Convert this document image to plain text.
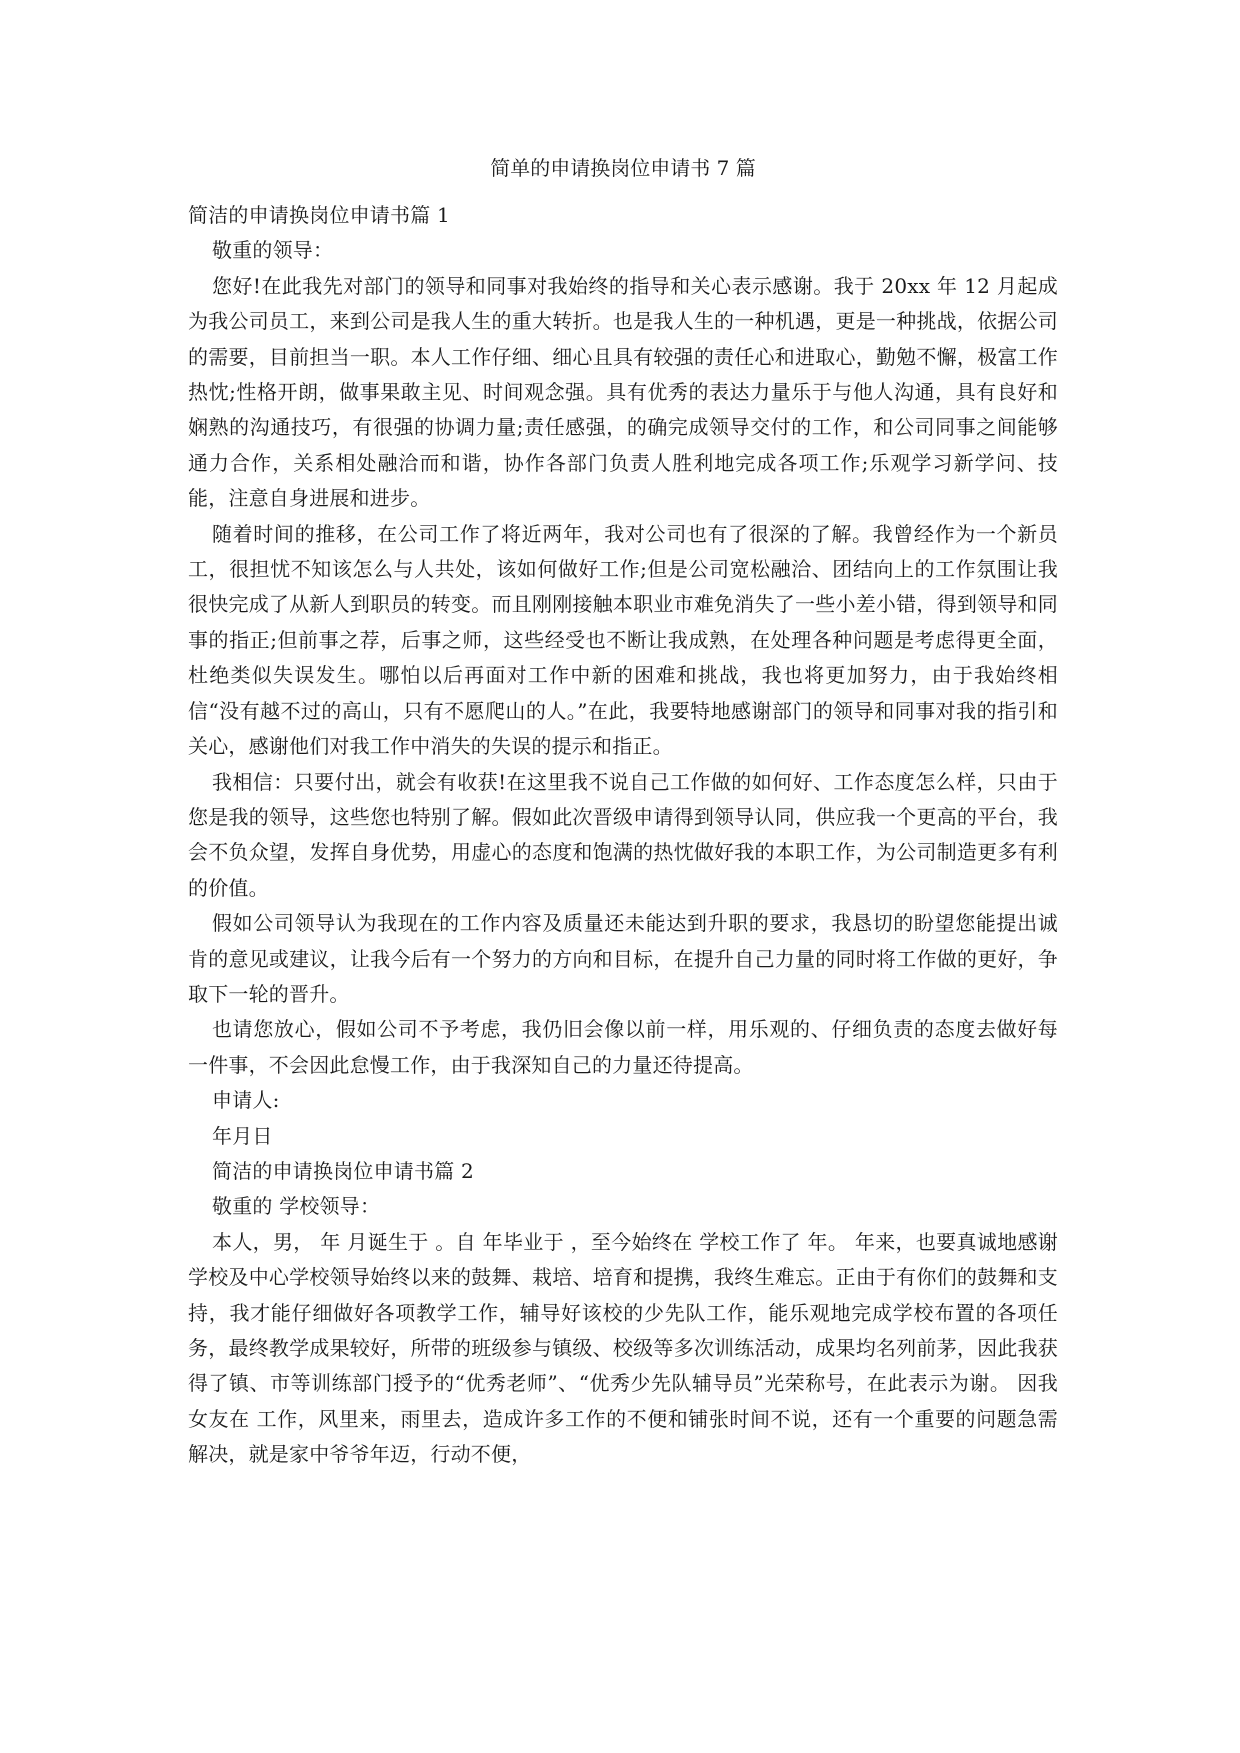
简单的申请换岗位申请书 7 篇

简洁的申请换岗位申请书篇 1

敬重的领导：

您好!在此我先对部门的领导和同事对我始终的指导和关心表示感谢。我于 20xx 年 12 月起成为我公司员工，来到公司是我人生的重大转折。也是我人生的一种机遇，更是一种挑战，依据公司的需要，目前担当一职。本人工作仔细、细心且具有较强的责任心和进取心，勤勉不懈，极富工作热忱;性格开朗，做事果敢主见、时间观念强。具有优秀的表达力量乐于与他人沟通，具有良好和娴熟的沟通技巧，有很强的协调力量;责任感强，的确完成领导交付的工作，和公司同事之间能够通力合作，关系相处融洽而和谐，协作各部门负责人胜利地完成各项工作;乐观学习新学问、技能，注意自身进展和进步。

随着时间的推移，在公司工作了将近两年，我对公司也有了很深的了解。我曾经作为一个新员工，很担忧不知该怎么与人共处，该如何做好工作;但是公司宽松融洽、团结向上的工作氛围让我很快完成了从新人到职员的转变。而且刚刚接触本职业市难免消失了一些小差小错，得到领导和同事的指正;但前事之荐，后事之师，这些经受也不断让我成熟，在处理各种问题是考虑得更全面，杜绝类似失误发生。哪怕以后再面对工作中新的困难和挑战，我也将更加努力，由于我始终相信“没有越不过的高山，只有不愿爬山的人。”在此，我要特地感谢部门的领导和同事对我的指引和关心，感谢他们对我工作中消失的失误的提示和指正。

我相信：只要付出，就会有收获!在这里我不说自己工作做的如何好、工作态度怎么样，只由于您是我的领导，这些您也特别了解。假如此次晋级申请得到领导认同，供应我一个更高的平台，我会不负众望，发挥自身优势，用虚心的态度和饱满的热忱做好我的本职工作，为公司制造更多有利的价值。

假如公司领导认为我现在的工作内容及质量还未能达到升职的要求，我恳切的盼望您能提出诚肯的意见或建议，让我今后有一个努力的方向和目标，在提升自己力量的同时将工作做的更好，争取下一轮的晋升。

也请您放心，假如公司不予考虑，我仍旧会像以前一样，用乐观的、仔细负责的态度去做好每一件事，不会因此怠慢工作，由于我深知自己的力量还待提高。

申请人:

年月日

简洁的申请换岗位申请书篇 2

敬重的 学校领导：

本人，男， 年 月诞生于 。自 年毕业于 ，至今始终在 学校工作了 年。 年来，也要真诚地感谢 学校及中心学校领导始终以来的鼓舞、栽培、培育和提携，我终生难忘。正由于有你们的鼓舞和支持，我才能仔细做好各项教学工作，辅导好该校的少先队工作，能乐观地完成学校布置的各项任务，最终教学成果较好，所带的班级参与镇级、校级等多次训练活动，成果均名列前茅，因此我获得了镇、市等训练部门授予的“优秀老师”、“优秀少先队辅导员”光荣称号，在此表示为谢。 因我女友在 工作，风里来，雨里去，造成许多工作的不便和铺张时间不说，还有一个重要的问题急需解决，就是家中爷爷年迈，行动不便，
